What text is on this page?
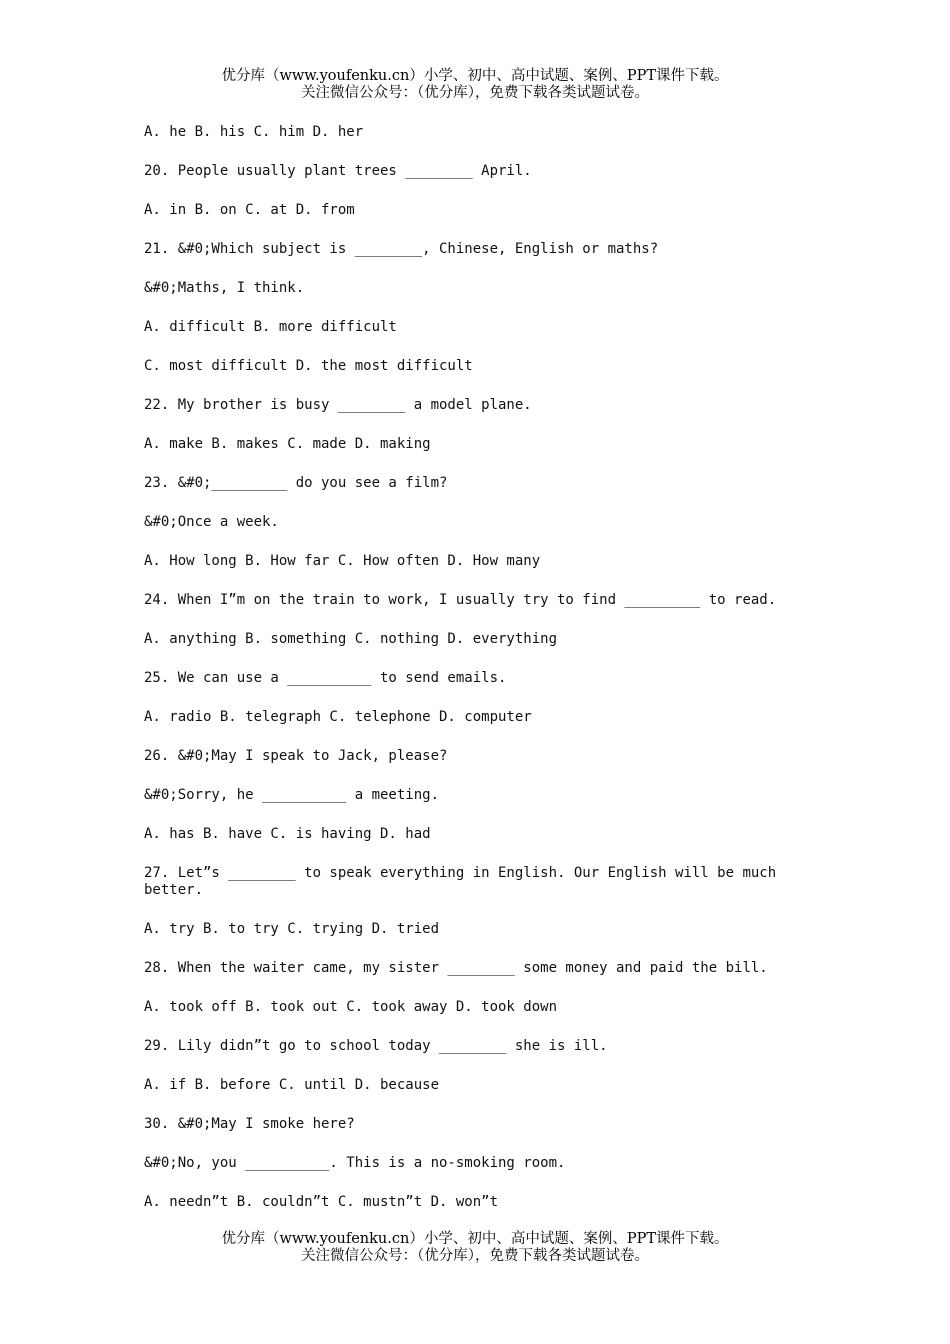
优分库（www.youfenku.cn）小学、初中、高中试题、案例、PPT课件下载。
关注微信公众号：（优分库），免费下载各类试题试卷。

A. he B. his C. him D. her

20. People usually plant trees ________ April.

A. in B. on C. at D. from

21. &#0;Which subject is ________, Chinese, English or maths?

&#0;Maths, I think.

A. difficult B. more difficult

C. most difficult D. the most difficult

22. My brother is busy ________ a model plane.

A. make B. makes C. made D. making

23. &#0;_________ do you see a film?

&#0;Once a week.

A. How long B. How far C. How often D. How many

24. When I”m on the train to work, I usually try to find _________ to read.

A. anything B. something C. nothing D. everything

25. We can use a __________ to send emails.

A. radio B. telegraph C. telephone D. computer

26. &#0;May I speak to Jack, please?

&#0;Sorry, he __________ a meeting.

A. has B. have C. is having D. had

27. Let”s ________ to speak everything in English. Our English will be much better.

A. try B. to try C. trying D. tried

28. When the waiter came, my sister ________ some money and paid the bill.

A. took off B. took out C. took away D. took down

29. Lily didn”t go to school today ________ she is ill.

A. if B. before C. until D. because

30. &#0;May I smoke here?

&#0;No, you __________. This is a no-smoking room.

A. needn”t B. couldn”t C. mustn”t D. won”t

优分库（www.youfenku.cn）小学、初中、高中试题、案例、PPT课件下载。
关注微信公众号：（优分库），免费下载各类试题试卷。
